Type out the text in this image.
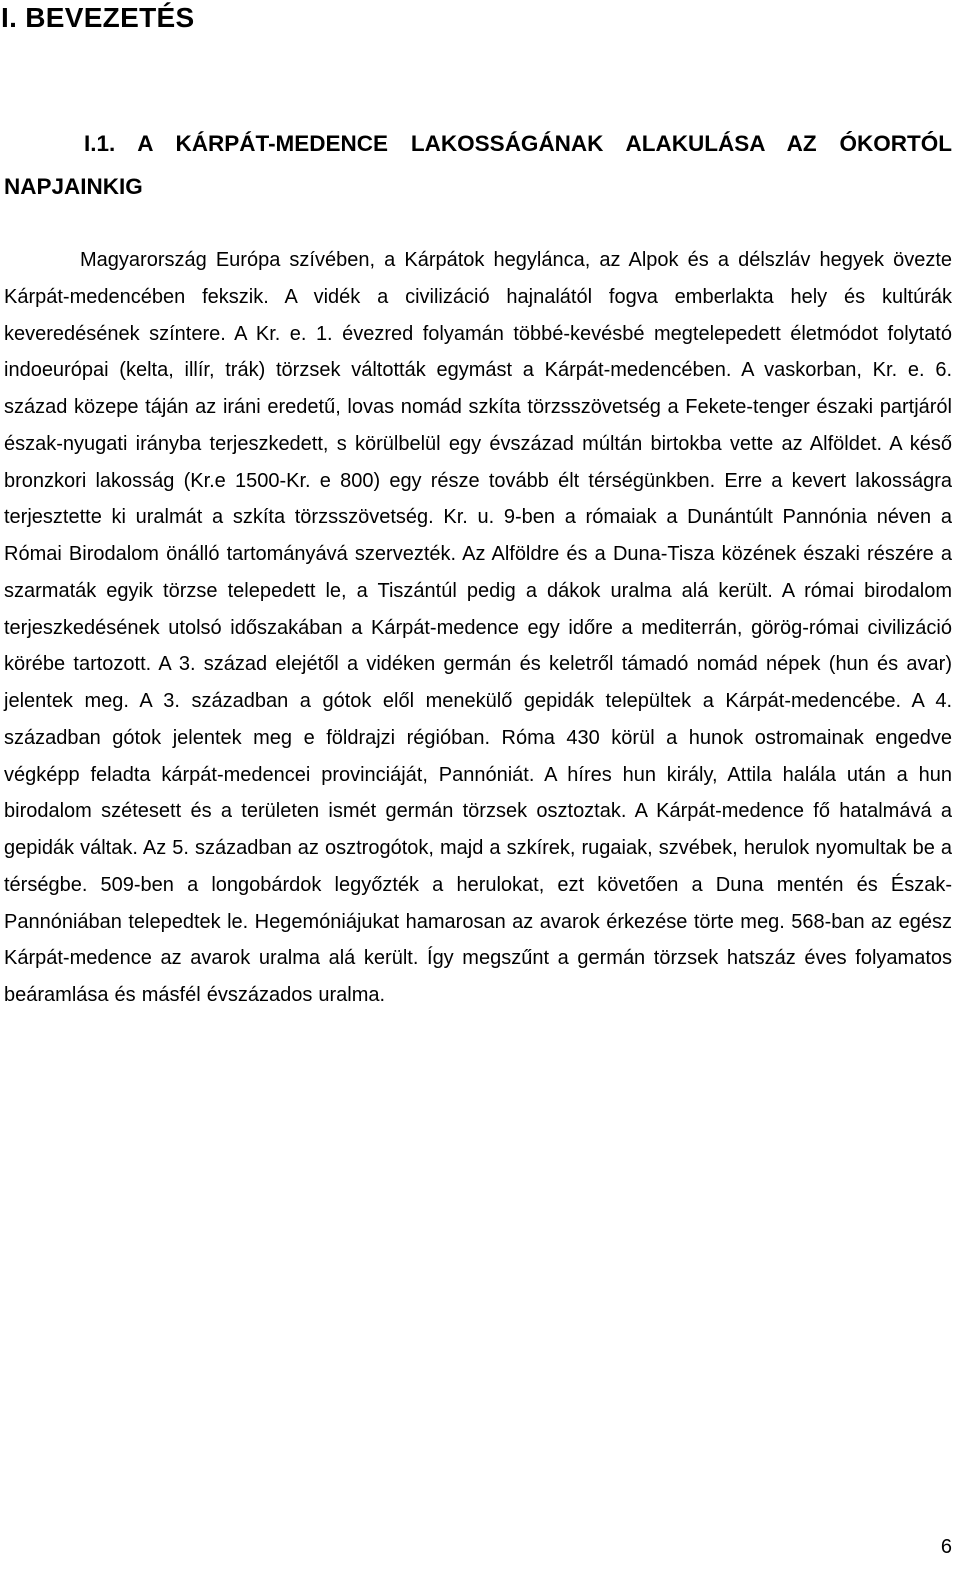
I. BEVEZETÉS
I.1. A KÁRPÁT-MEDENCE LAKOSSÁGÁNAK ALAKULÁSA AZ ÓKORTÓL NAPJAINKIG

Magyarország Európa szívében, a Kárpátok hegylánca, az Alpok és a délszláv hegyek övezte Kárpát-medencében fekszik. A vidék a civilizáció hajnalától fogva emberlakta hely és kultúrák keveredésének színtere. A Kr. e. 1. évezred folyamán többé-kevésbé megtelepedett életmódot folytató indoeurópai (kelta, illír, trák) törzsek váltották egymást a Kárpát-medencében. A vaskorban, Kr. e. 6. század közepe táján az iráni eredetű, lovas nomád szkíta törzsszövetség a Fekete-tenger északi partjáról észak-nyugati irányba terjeszkedett, s körülbelül egy évszázad múltán birtokba vette az Alföldet. A késő bronzkori lakosság (Kr.e 1500-Kr. e 800) egy része tovább élt térségünkben. Erre a kevert lakosságra terjesztette ki uralmát a szkíta törzsszövetség. Kr. u. 9-ben a rómaiak a Dunántúlt Pannónia néven a Római Birodalom önálló tartományává szervezték. Az Alföldre és a Duna-Tisza közének északi részére a szarmaták egyik törzse telepedett le, a Tiszántúl pedig a dákok uralma alá került. A római birodalom terjeszkedésének utolsó időszakában a Kárpát-medence egy időre a mediterrán, görög-római civilizáció körébe tartozott. A 3. század elejétől a vidéken germán és keletről támadó nomád népek (hun és avar) jelentek meg. A 3. században a gótok elől menekülő gepidák települtek a Kárpát-medencébe. A 4. században gótok jelentek meg e földrajzi régióban. Róma 430 körül a hunok ostromainak engedve végképp feladta kárpát-medencei provinciáját, Pannóniát. A híres hun király, Attila halála után a hun birodalom szétesett és a területen ismét germán törzsek osztoztak. A Kárpát-medence fő hatalmává a gepidák váltak. Az 5. században az osztrogótok, majd a szkírek, rugaiak, szvébek, herulok nyomultak be a térségbe. 509-ben a longobárdok legyőzték a herulokat, ezt követően a Duna mentén és Észak-Pannóniában telepedtek le. Hegemóniájukat hamarosan az avarok érkezése törte meg. 568-ban az egész Kárpát-medence az avarok uralma alá került. Így megszűnt a germán törzsek hatszáz éves folyamatos beáramlása és másfél évszázados uralma.

6
